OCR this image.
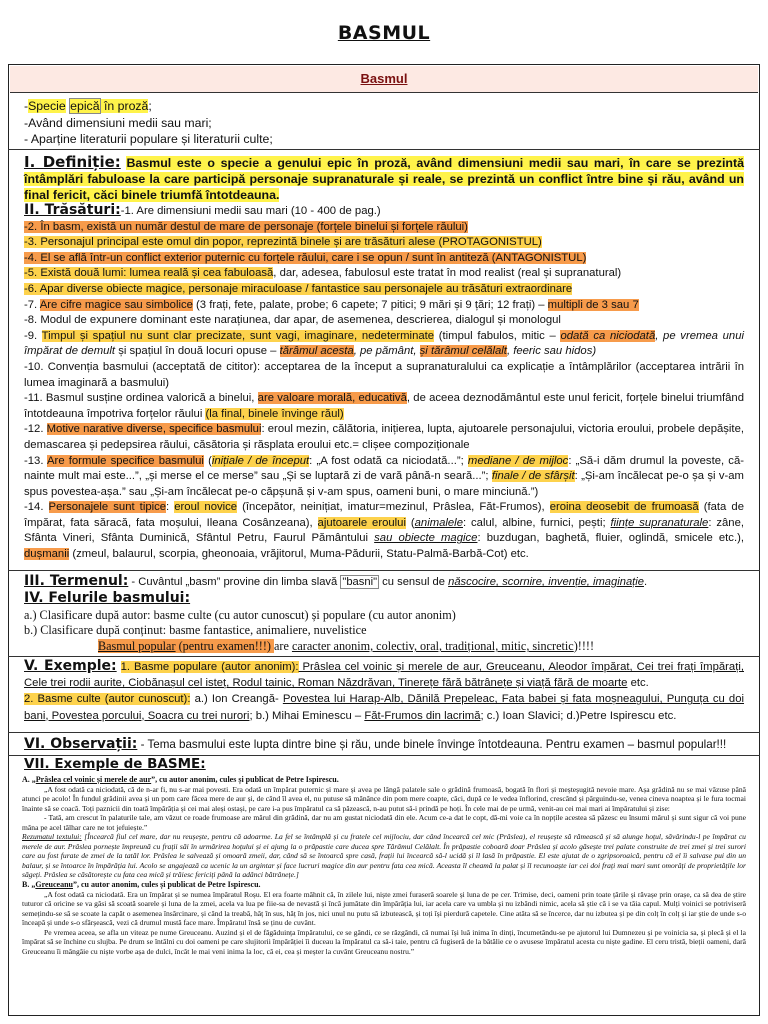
BASMUL
Basmul
-Specie epică în proză;
-Având dimensiuni medii sau mari;
- Aparține literaturii populare și literaturii culte;
I. Definiție: Basmul este o specie a genului epic în proză, având dimensiuni medii sau mari, în care se prezintă întâmplări fabuloase la care participă personaje supranaturale și reale, se prezintă un conflict între bine și rău, având un final fericit, căci binele triumfă întotdeauna.

II. Trăsături:-1. Are dimensiuni medii sau mari (10 - 400 de pag.)

-2. În basm, există un număr destul de mare de personaje (forțele binelui și forțele răului)

-3. Personajul principal este omul din popor, reprezintă binele și are trăsături alese (PROTAGONISTUL)

-4. El se află într-un conflict exterior puternic cu forțele răului, care i se opun / sunt în antiteză (ANTAGONISTUL)

-5. Există două lumi: lumea reală și cea fabuloasă, dar, adesea, fabulosul este tratat în mod realist (real și supranatural)

-6. Apar diverse obiecte magice, personaje miraculoase / fantastice sau personajele au trăsături extraordinare

-7. Are cifre magice sau simbolice (3 frați, fete, palate, probe; 6 capete; 7 pitici; 9 mări și 9 țări; 12 frați) – multipli de 3 sau 7

-8. Modul de expunere dominant este narațiunea, dar apar, de asemenea, descrierea, dialogul și monologul

-9. Timpul și spațiul nu sunt clar precizate, sunt vagi, imaginare, nedeterminate (timpul fabulos, mitic – odată ca niciodată, pe vremea unui împărat de demult și spațiul în două locuri opuse – tărâmul acesta, pe pământ, și tărâmul celălalt, feeric sau hidos)

-10. Convenția basmului (acceptată de cititor): acceptarea de la început a supranaturalului ca explicație a întâmplărilor (acceptarea intrării în lumea imaginară a basmului)

-11. Basmul susține ordinea valorică a binelui, are valoare morală, educativă, de aceea deznodământul este unul fericit, forțele binelui triumfând întotdeauna împotriva forțelor răului (la final, binele învinge răul)

-12. Motive narative diverse, specifice basmului: eroul mezin, călătoria, inițierea, lupta, ajutoarele personajului, victoria eroului, probele depășite, demascarea și pedepsirea răului, căsătoria și răsplata eroului etc.= clișee compoziționale

-13. Are formule specifice basmului (inițiale / de început: „A fost odată ca niciodată...”; mediane / de mijloc: „Să-i dăm drumul la poveste, că-nainte mult mai este...”, „și merse el ce merse” sau „Și se luptară zi de vară până-n seară...”; finale / de sfârșit: „Și-am încălecat pe-o șa și v-am spus povestea-așa.” sau „Și-am încălecat pe-o căpșună și v-am spus, oameni buni, o mare minciună.”)

-14. Personajele sunt tipice: eroul novice (începător, neinițiat, imatur=mezinul, Prâslea, Făt-Frumos), eroina deosebit de frumoasă (fata de împărat, fata săracă, fata moșului, Ileana Cosânzeana), ajutoarele eroului (animalele: calul, albine, furnici, pești; ființe supranaturale: zâne, Sfânta Vineri, Sfânta Duminică, Sfântul Petru, Faurul Pământului sau obiecte magice: buzdugan, baghetă, fluier, oglindă, smicele etc.), dușmanii (zmeul, balaurul, scorpia, gheonoaia, vrăjitorul, Muma-Pădurii, Statu-Palmă-Barbă-Cot) etc.

III. Termenul: - Cuvântul „basm” provine din limba slavă "basni" cu sensul de născocire, scornire, invenție, imaginație.

IV. Felurile basmului:

a.) Clasificare după autor: basme culte (cu autor cunoscut) și populare (cu autor anonim)

b.) Clasificare după conținut: basme fantastice, animaliere, nuvelistice

Basmul popular (pentru examen!!!) are caracter anonim, colectiv, oral, tradițional, mitic, sincretic)!!!!

V. Exemple: 1. Basme populare (autor anonim): Prâslea cel voinic și merele de aur, Greuceanu, Aleodor împărat, Cei trei frați împărați, Cele trei rodii aurite, Ciobănașul cel isteț, Rodul tainic, Roman Năzdrăvan, Tinerețe fără bătrânețe și viață fără de moarte etc.
2. Basme culte (autor cunoscut): a.) Ion Creangă- Povestea lui Harap-Alb, Dănilă Prepeleac, Fata babei și fata moșneagului, Punguța cu doi bani, Povestea porcului, Soacra cu trei nurori; b.) Mihai Eminescu – Făt-Frumos din lacrimă; c.) Ioan Slavici; d.)Petre Ispirescu etc.
VI. Observații: - Tema basmului este lupta dintre bine și rău, unde binele învinge întotdeauna. Pentru examen – basmul popular!!!
VII. Exemple de BASME:

A. „Prâslea cel voinic și merele de aur”, cu autor anonim, cules și publicat de Petre Ispirescu.

„A fost odată ca niciodată, că de n-ar fi, nu s-ar mai povesti. Era odată un împărat puternic și mare și avea pe lângă palatele sale o grădină frumoasă, bogată în flori și meșteșugită nevoie mare. Așa grădină nu se mai văzuse până atunci pe acolo! În fundul grădinii avea și un pom care făcea mere de aur și, de când îl avea el, nu putuse să mănânce din pom mere coapte, căci, după ce le vedea înflorind, crescând și pârguindu-se, venea cineva noaptea și le fura tocmai înainte să se coacă. Toți paznicii din toată împărăția și cei mai aleși ostași, pe care i-a pus împăratul ca să păzească, n-au putut să-i prindă pe hoți. În cele mai de pe urmă, venit-au cei mai mari ai împăratului și zise:

- Tată, am crescut în palaturile tale, am văzut ce roade frumoase are mărul din grădină, dar nu am gustat niciodată din ele. Acum ce-a dat le copt, dă-mi voie ca în nopțile acestea să păzesc eu însumi mărul și sunt sigur că voi pune mâna pe acel tâlhar care ne tot jefuiește.”

Rezumatul textului: [Încearcă fiul cel mare, dar nu reușește, pentru că adoarme. La fel se întâmplă și cu fratele cel mijlociu, dar când încearcă cel mic (Prâslea), el reușește să rămească și să alunge hoțul, săvârindu-l pe împărat cu merele de aur. Prâslea pornește împreună cu frații săi în urmărirea hoțului și ei ajung la o prăpastie care ducea spre Tărâmul Celălalt. În prăpastie coboară doar Prâslea și acolo găsește trei palate construite de trei zmei și trei surori care au fost furate de zmei de la tatăl lor. Prâslea le salvează și omoară zmeii, dar, când să se întoarcă spre casă, frații lui încearcă să-l ucidă și îl lasă în prăpastie. El este ajutat de o zgripsoroaică, pentru că el îi salvase pui din un balaur, și se întoarce în împărăția lui. Acolo se angajează ca ucenic la un argintar și face lucruri magice din aur pentru fata cea mică. Aceasta îl cheamă la palat și îl recunoaște iar cei doi frați mai mari sunt omorâți de proprietățile lor săgeți. Prâslea se căsătorește cu fata cea mică și trăiesc fericiți până la adânci bătrânețe.]

B. „Greuceanu”, cu autor anonim, cules și publicat de Petre Ispirescu.

„A fost odată ca niciodată. Era un împărat și se numea împăratul Roșu. El era foarte mâhnit că, în zilele lui, niște zmei furaseră soarele și luna de pe cer. Trimise, deci, oameni prin toate țările și răvașe prin orașe, ca să dea de știre tuturor că oricine se va găsi să scoată soarele și luna de la zmei, acela va lua pe fiie-sa de nevastă și încă jumătate din împărăția lui, iar acela care va umbla și nu izbândi nimic, acela să știe că i se va tăia capul. Mulți voinici se potriviseră semețindu-se să se scoate la capăt o asemenea însărcinare, și când la treabă, hăț în sus, hăț în jos, nici unul nu putu să izbutească, și toți își pierdură capetele. Cine atâta să se încerce, dar nu izbutea și pe din colț în colț și iar știe de unde s-o înceapă și unde s-o sfârșească, vezi că drumul mustă face mare. Împăratul însă se ținu de cuvânt.

Pe vremea aceea, se afla un viteaz pe nume Greuceanu. Auzind și el de făgăduința împăratului, ce se gândi, ce se răzgândi, că numai își luă inima în dinți, încumetându-se pe ajutorul lui Dumnezeu și pe voinicia sa, și plecă și el la împărat să se închine cu slujba. Pe drum se întâlni cu doi oameni pe care slujitorii împărăției îi duceau la împăratul ca să-i taie, pentru că fugiseră de la bătălie ce o avusese împăratul acesta cu niște gadine. El ceru tristă, bieții oameni, dară Greuceanu îi mângâie cu niște vorbe așa de dulci, încât le mai veni inima la loc, că ei, cea și meșter la cuvânt Greuceanu nostru.”
